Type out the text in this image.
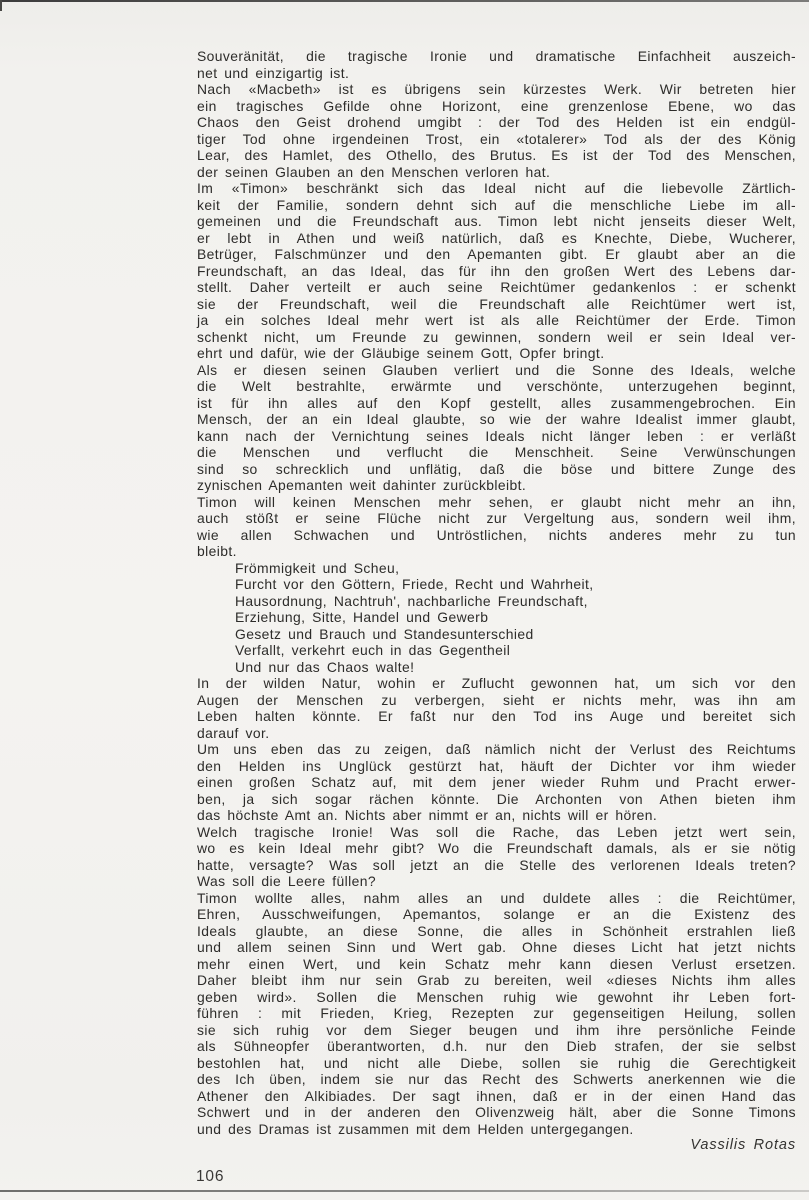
Souveränität, die tragische Ironie und dramatische Einfachheit auszeich-
net und einzigartig ist.
Nach «Macbeth» ist es übrigens sein kürzestes Werk. Wir betreten hier
ein tragisches Gefilde ohne Horizont, eine grenzenlose Ebene, wo das
Chaos den Geist drohend umgibt : der Tod des Helden ist ein endgül-
tiger Tod ohne irgendeinen Trost, ein «totalerer» Tod als der des König
Lear, des Hamlet, des Othello, des Brutus. Es ist der Tod des Menschen,
der seinen Glauben an den Menschen verloren hat.
Im «Timon» beschränkt sich das Ideal nicht auf die liebevolle Zärtlich-
keit der Familie, sondern dehnt sich auf die menschliche Liebe im all-
gemeinen und die Freundschaft aus. Timon lebt nicht jenseits dieser Welt,
er lebt in Athen und weiß natürlich, daß es Knechte, Diebe, Wucherer,
Betrüger, Falschmünzer und den Apemanten gibt. Er glaubt aber an die
Freundschaft, an das Ideal, das für ihn den großen Wert des Lebens dar-
stellt. Daher verteilt er auch seine Reichtümer gedankenlos : er schenkt
sie der Freundschaft, weil die Freundschaft alle Reichtümer wert ist,
ja ein solches Ideal mehr wert ist als alle Reichtümer der Erde. Timon
schenkt nicht, um Freunde zu gewinnen, sondern weil er sein Ideal ver-
ehrt und dafür, wie der Gläubige seinem Gott, Opfer bringt.
Als er diesen seinen Glauben verliert und die Sonne des Ideals, welche
die Welt bestrahlte, erwärmte und verschönte, unterzugehen beginnt,
ist für ihn alles auf den Kopf gestellt, alles zusammengebrochen. Ein
Mensch, der an ein Ideal glaubte, so wie der wahre Idealist immer glaubt,
kann nach der Vernichtung seines Ideals nicht länger leben : er verläßt
die Menschen und verflucht die Menschheit. Seine Verwünschungen
sind so schrecklich und unflätig, daß die böse und bittere Zunge des
zynischen Apemanten weit dahinter zurückbleibt.
Timon will keinen Menschen mehr sehen, er glaubt nicht mehr an ihn,
auch stößt er seine Flüche nicht zur Vergeltung aus, sondern weil ihm,
wie allen Schwachen und Untröstlichen, nichts anderes mehr zu tun
bleibt.
Frömmigkeit und Scheu,
Furcht vor den Göttern, Friede, Recht und Wahrheit,
Hausordnung, Nachtruh', nachbarliche Freundschaft,
Erziehung, Sitte, Handel und Gewerb
Gesetz und Brauch und Standesunterschied
Verfallt, verkehrt euch in das Gegentheil
Und nur das Chaos walte!
In der wilden Natur, wohin er Zuflucht gewonnen hat, um sich vor den
Augen der Menschen zu verbergen, sieht er nichts mehr, was ihn am
Leben halten könnte. Er faßt nur den Tod ins Auge und bereitet sich
darauf vor.
Um uns eben das zu zeigen, daß nämlich nicht der Verlust des Reichtums
den Helden ins Unglück gestürzt hat, häuft der Dichter vor ihm wieder
einen großen Schatz auf, mit dem jener wieder Ruhm und Pracht erwer-
ben, ja sich sogar rächen könnte. Die Archonten von Athen bieten ihm
das höchste Amt an. Nichts aber nimmt er an, nichts will er hören.
Welch tragische Ironie! Was soll die Rache, das Leben jetzt wert sein,
wo es kein Ideal mehr gibt? Wo die Freundschaft damals, als er sie nötig
hatte, versagte? Was soll jetzt an die Stelle des verlorenen Ideals treten?
Was soll die Leere füllen?
Timon wollte alles, nahm alles an und duldete alles : die Reichtümer,
Ehren, Ausschweifungen, Apemantos, solange er an die Existenz des
Ideals glaubte, an diese Sonne, die alles in Schönheit erstrahlen ließ
und allem seinen Sinn und Wert gab. Ohne dieses Licht hat jetzt nichts
mehr einen Wert, und kein Schatz mehr kann diesen Verlust ersetzen.
Daher bleibt ihm nur sein Grab zu bereiten, weil «dieses Nichts ihm alles
geben wird». Sollen die Menschen ruhig wie gewohnt ihr Leben fort-
führen : mit Frieden, Krieg, Rezepten zur gegenseitigen Heilung, sollen
sie sich ruhig vor dem Sieger beugen und ihm ihre persönliche Feinde
als Sühneopfer überantworten, d.h. nur den Dieb strafen, der sie selbst
bestohlen hat, und nicht alle Diebe, sollen sie ruhig die Gerechtigkeit
des Ich üben, indem sie nur das Recht des Schwerts anerkennen wie die
Athener den Alkibiades. Der sagt ihnen, daß er in der einen Hand das
Schwert und in der anderen den Olivenzweig hält, aber die Sonne Timons
und des Dramas ist zusammen mit dem Helden untergegangen.
Vassilis Rotas
106
